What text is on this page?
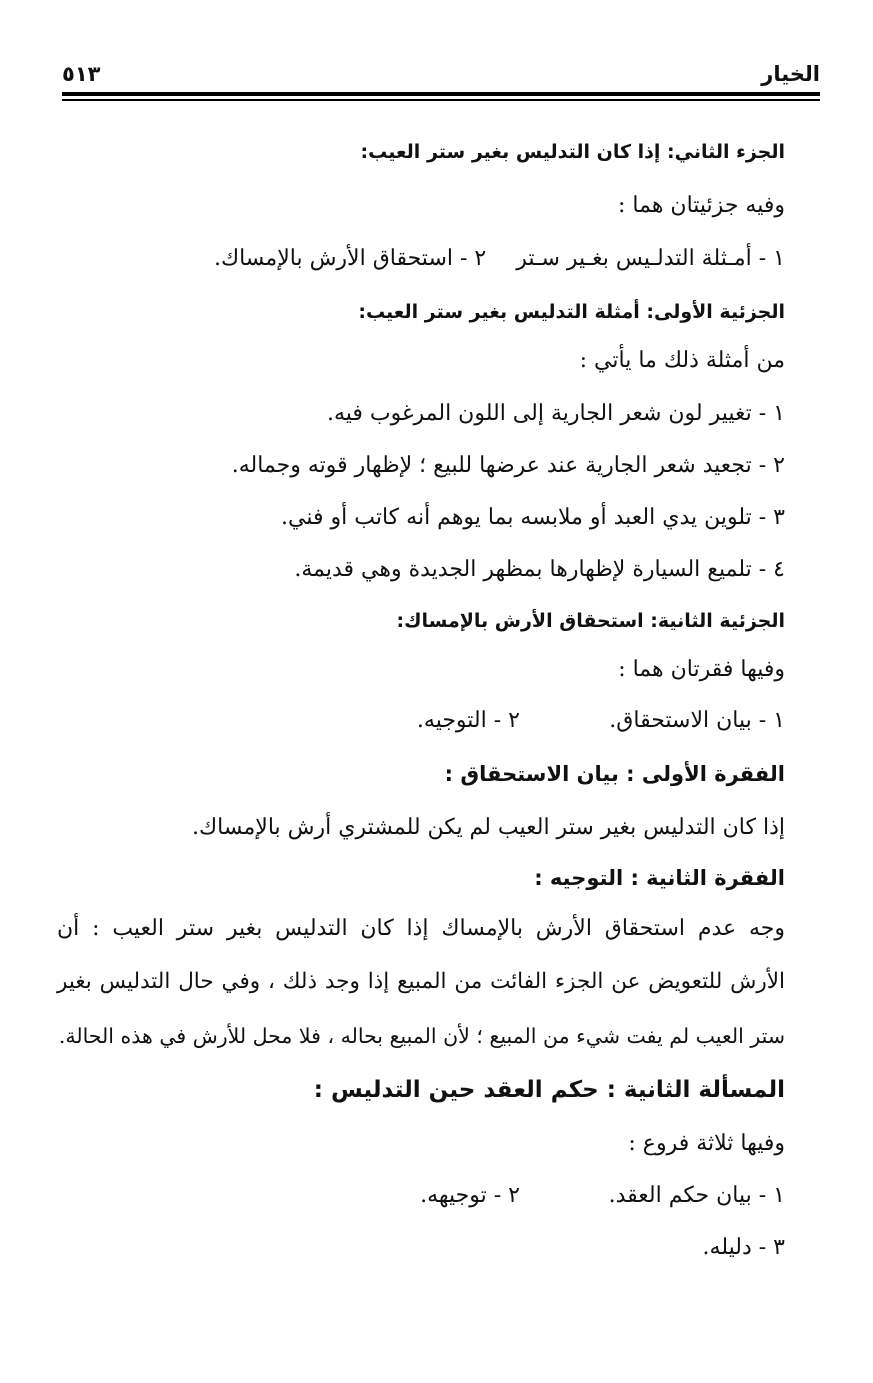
الخيار
٥١٣
الجزء الثاني: إذا كان التدليس بغير ستر العيب:
وفيه جزئيتان هما :
١ - أمـثلة التدلـيس بغـير سـتر٢ - استحقاق الأرش بالإمساك.
الجزئية الأولى: أمثلة التدليس بغير ستر العيب:
من أمثلة ذلك ما يأتي :
١ - تغيير لون شعر الجارية إلى اللون المرغوب فيه.
٢ - تجعيد شعر الجارية عند عرضها للبيع ؛ لإظهار قوته وجماله.
٣ - تلوين يدي العبد أو ملابسه بما يوهم أنه كاتب أو فني.
٤ - تلميع السيارة لإظهارها بمظهر الجديدة وهي قديمة.
الجزئية الثانية: استحقاق الأرش بالإمساك:
وفيها فقرتان هما :
١ - بيان الاستحقاق.٢ - التوجيه.
الفقرة الأولى : بيان الاستحقاق :
إذا كان التدليس بغير ستر العيب لم يكن للمشتري أرش بالإمساك.
الفقرة الثانية : التوجيه :
وجه عدم استحقاق الأرش بالإمساك إذا كان التدليس بغير ستر العيب : أن
الأرش للتعويض عن الجزء الفائت من المبيع إذا وجد ذلك ، وفي حال التدليس بغير
ستر العيب لم يفت شيء من المبيع ؛ لأن المبيع بحاله ، فلا محل للأرش في هذه الحالة.
المسألة الثانية : حكم العقد حين التدليس :
وفيها ثلاثة فروع :
١ - بيان حكم العقد.٢ - توجيهه.
٣ - دليله.
